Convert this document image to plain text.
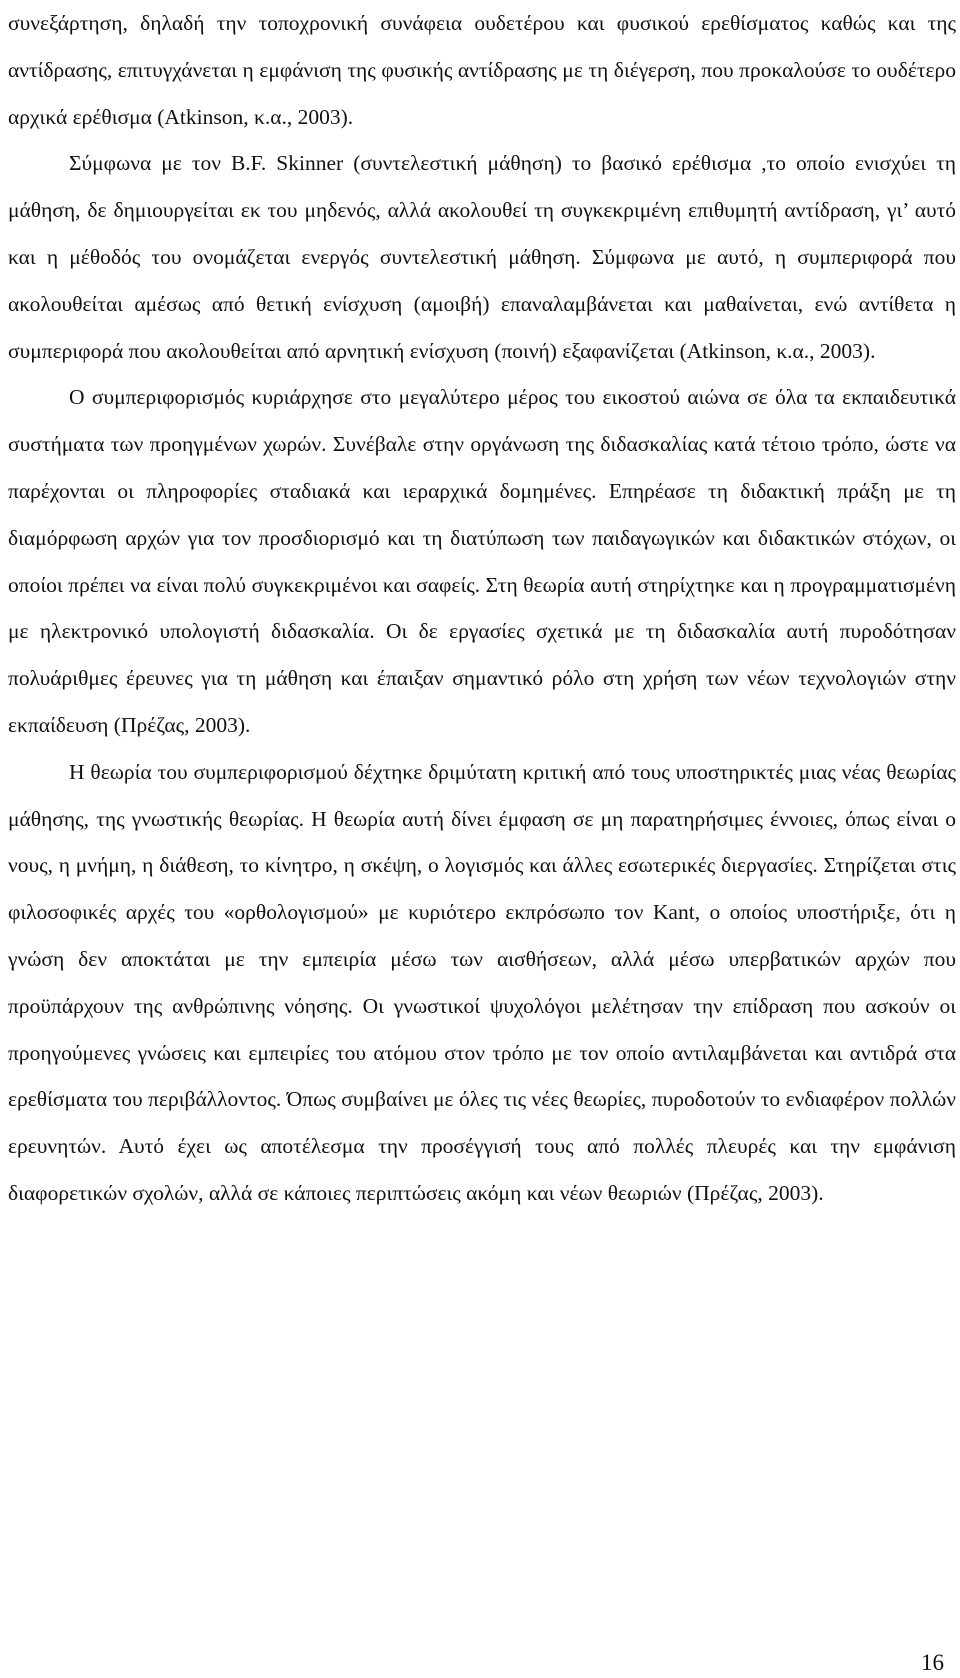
συνεξάρτηση, δηλαδή την τοποχρονική συνάφεια ουδετέρου και φυσικού ερεθίσματος καθώς και της αντίδρασης, επιτυγχάνεται η εμφάνιση της φυσικής αντίδρασης με τη διέγερση, που προκαλούσε το ουδέτερο αρχικά ερέθισμα (Atkinson, κ.α., 2003).

Σύμφωνα με τον B.F. Skinner (συντελεστική μάθηση) το βασικό ερέθισμα ,το οποίο ενισχύει τη μάθηση, δε δημιουργείται εκ του μηδενός, αλλά ακολουθεί τη συγκεκριμένη επιθυμητή αντίδραση, γι’ αυτό και η μέθοδός του ονομάζεται ενεργός συντελεστική μάθηση. Σύμφωνα με αυτό, η συμπεριφορά που ακολουθείται αμέσως από θετική ενίσχυση (αμοιβή) επαναλαμβάνεται και μαθαίνεται, ενώ αντίθετα η συμπεριφορά που ακολουθείται από αρνητική ενίσχυση (ποινή) εξαφανίζεται (Atkinson, κ.α., 2003).

Ο συμπεριφορισμός κυριάρχησε στο μεγαλύτερο μέρος του εικοστού αιώνα σε όλα τα εκπαιδευτικά συστήματα των προηγμένων χωρών. Συνέβαλε στην οργάνωση της διδασκαλίας κατά τέτοιο τρόπο, ώστε να παρέχονται οι πληροφορίες σταδιακά και ιεραρχικά δομημένες. Επηρέασε τη διδακτική πράξη με τη διαμόρφωση αρχών για τον προσδιορισμό και τη διατύπωση των παιδαγωγικών και διδακτικών στόχων, οι οποίοι πρέπει να είναι πολύ συγκεκριμένοι και σαφείς. Στη θεωρία αυτή στηρίχτηκε και η προγραμματισμένη με ηλεκτρονικό υπολογιστή διδασκαλία. Οι δε εργασίες σχετικά με τη διδασκαλία αυτή πυροδότησαν πολυάριθμες έρευνες για τη μάθηση και έπαιξαν σημαντικό ρόλο στη χρήση των νέων τεχνολογιών στην εκπαίδευση (Πρέζας, 2003).

Η θεωρία του συμπεριφορισμού δέχτηκε δριμύτατη κριτική από τους υποστηρικτές μιας νέας θεωρίας μάθησης, της γνωστικής θεωρίας. Η θεωρία αυτή δίνει έμφαση σε μη παρατηρήσιμες έννοιες, όπως είναι ο νους, η μνήμη, η διάθεση, το κίνητρο, η σκέψη, ο λογισμός και άλλες εσωτερικές διεργασίες. Στηρίζεται στις φιλοσοφικές αρχές του «ορθολογισμού» με κυριότερο εκπρόσωπο τον Kant, ο οποίος υποστήριξε, ότι η γνώση δεν αποκτάται με την εμπειρία μέσω των αισθήσεων, αλλά μέσω υπερβατικών αρχών που προϋπάρχουν της ανθρώπινης νόησης. Οι γνωστικοί ψυχολόγοι μελέτησαν την επίδραση που ασκούν οι προηγούμενες γνώσεις και εμπειρίες του ατόμου στον τρόπο με τον οποίο αντιλαμβάνεται και αντιδρά στα ερεθίσματα του περιβάλλοντος. Όπως συμβαίνει με όλες τις νέες θεωρίες, πυροδοτούν το ενδιαφέρον πολλών ερευνητών. Αυτό έχει ως αποτέλεσμα την προσέγγισή τους από πολλές πλευρές και την εμφάνιση διαφορετικών σχολών, αλλά σε κάποιες περιπτώσεις ακόμη και νέων θεωριών (Πρέζας, 2003).

16
